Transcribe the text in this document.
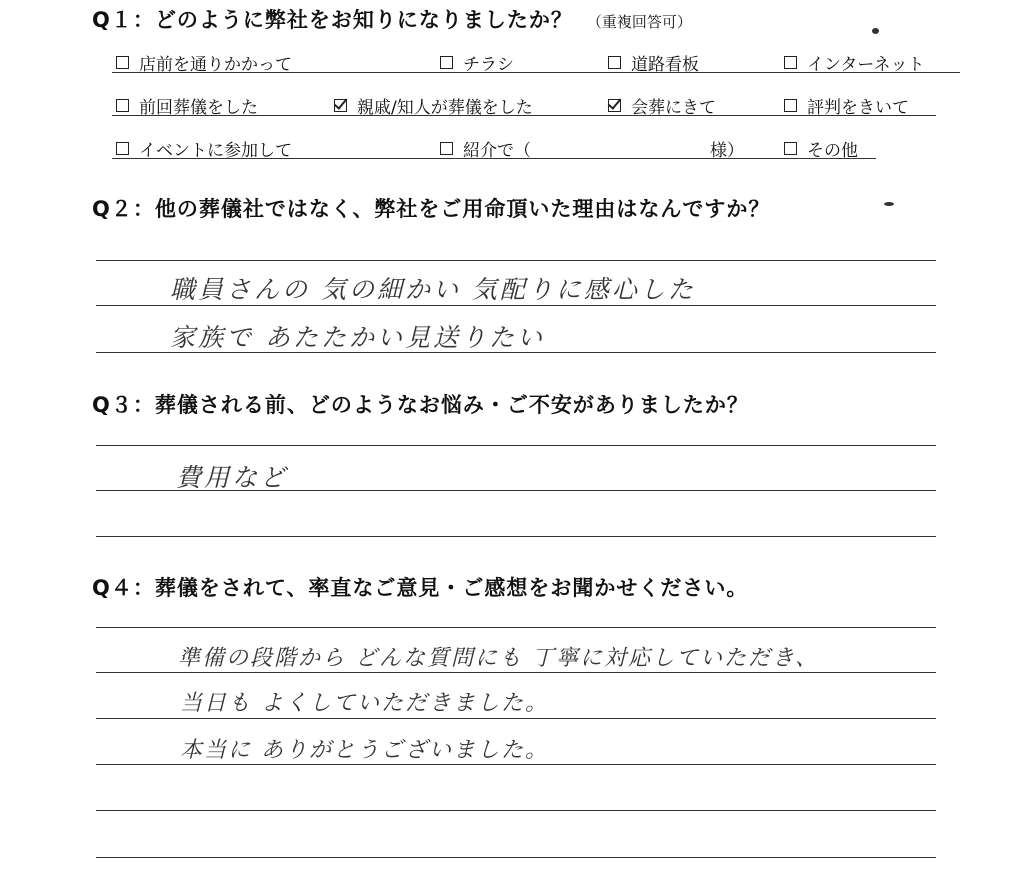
Q１：どのように弊社をお知りになりましたか？ （重複回答可）
店前を通りかかって	チラシ	道路看板	インターネット
前回葬儀をした	親戚/知人が葬儀をした	会葬にきて	評判をきいて
イベントに参加して	紹介で（	様）	その他
Q２：他の葬儀社ではなく、弊社をご用命頂いた理由はなんですか？
職員さんの 気の細かい 気配りに感心した
家族で あたたかい見送りたい
Q３：葬儀される前、どのようなお悩み・ご不安がありましたか？
費用など
Q４：葬儀をされて、率直なご意見・ご感想をお聞かせください。
準備の段階から どんな質問にも 丁寧に対応していただき、
当日も よくしていただきました。
本当に ありがとうございました。
